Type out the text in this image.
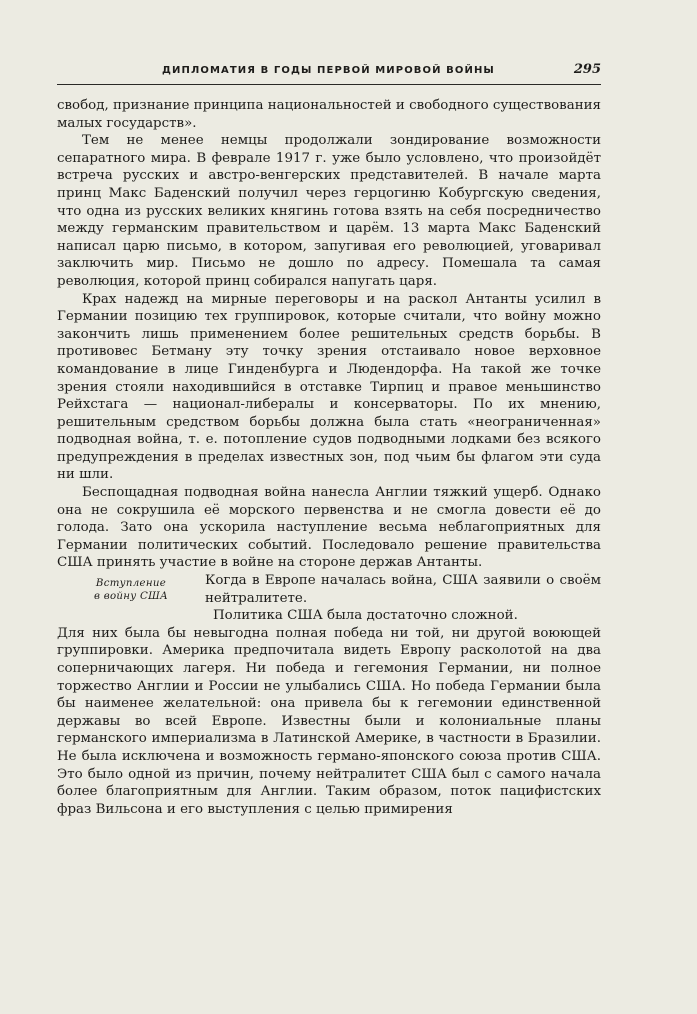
ДИПЛОМАТИЯ В ГОДЫ ПЕРВОЙ МИРОВОЙ ВОЙНЫ	295

свобод, признание принципа национальностей и свободного существования малых государств».

Тем не менее немцы продолжали зондирование возможности сепаратного мира. В феврале 1917 г. уже было условлено, что произойдёт встреча русских и австро-венгерских представителей. В начале марта принц Макс Баденский получил через герцогиню Кобургскую сведения, что одна из русских великих княгинь готова взять на себя посредничество между германским правительством и царём. 13 марта Макс Баденский написал царю письмо, в котором, запугивая его революцией, уговаривал заключить мир. Письмо не дошло по адресу. Помешала та самая революция, которой принц собирался напугать царя.

Крах надежд на мирные переговоры и на раскол Антанты усилил в Германии позицию тех группировок, которые считали, что войну можно закончить лишь применением более решительных средств борьбы. В противовес Бетману эту точку зрения отстаивало новое верховное командование в лице Гинденбурга и Людендорфа. На такой же точке зрения стояли находившийся в отставке Тирпиц и правое меньшинство Рейхстага — национал-либералы и консерваторы. По их мнению, решительным средством борьбы должна была стать «неограниченная» подводная война, т. е. потопление судов подводными лодками без всякого предупреждения в пределах известных зон, под чьим бы флагом эти суда ни шли.

Беспощадная подводная война нанесла Англии тяжкий ущерб. Однако она не сокрушила её морского первенства и не смогла довести её до голода. Зато она ускорила наступление весьма неблагоприятных для Германии политических событий. Последовало решение правительства США принять участие в войне на стороне держав Антанты.

Вступление
в войну США

Когда в Европе началась война, США заявили о своём нейтралитете.

Политика США была достаточно сложной.

Для них была бы невыгодна полная победа ни той, ни другой воюющей группировки. Америка предпочитала видеть Европу расколотой на два соперничающих лагеря. Ни победа и гегемония Германии, ни полное торжество Англии и России не улыбались США. Но победа Германии была бы наименее желательной: она привела бы к гегемонии единственной державы во всей Европе. Известны были и колониальные планы германского империализма в Латинской Америке, в частности в Бразилии. Не была исключена и возможность германо-японского союза против США. Это было одной из причин, почему нейтралитет США был с самого начала более благоприятным для Англии. Таким образом, поток пацифистских фраз Вильсона и его выступления с целью примирения
